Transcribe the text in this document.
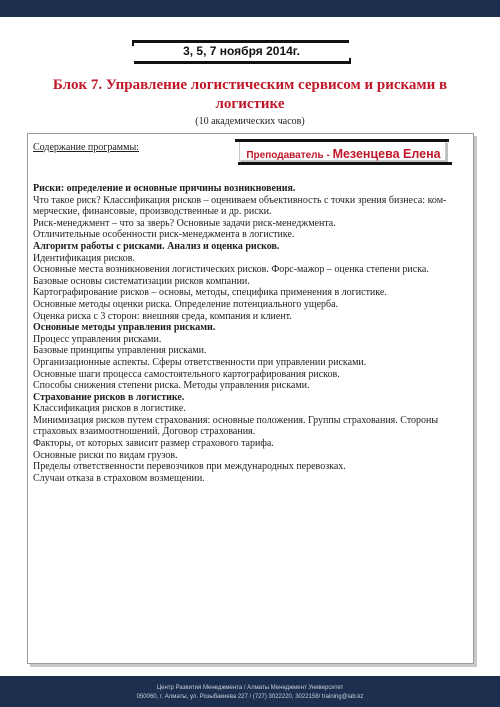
3, 5, 7 ноября 2014г.
Блок 7. Управление логистическим сервисом и рисками в логистике
(10 академических часов)
Содержание программы:
Преподаватель - Мезенцева Елена

Риски: определение и основные причины возникновения.

Что такое риск? Классификация рисков – оцениваем объективность с точки зрения бизнеса: ком-

мерческие, финансовые, производственные и др. риски.

Риск-менеджмент – что за зверь? Основные задачи риск-менеджмента.

Отличительные особенности риск-менеджмента в логистике.

Алгоритм работы с рисками. Анализ и оценка рисков.

Идентификация рисков.

Основные места возникновения логистических рисков. Форс-мажор – оценка степени риска.

Базовые основы систематизации рисков компании.

Картографирование рисков – основы, методы, специфика применения в логистике.

Основные методы оценки риска. Определение потенциального ущерба.

Оценка риска с 3 сторон: внешняя среда, компания и клиент.

Основные методы управления рисками.

Процесс управления рисками.

Базовые принципы управления рисками.

Организационные аспекты. Сферы ответственности при управлении рисками.

Основные шаги процесса самостоятельного картографирования рисков.

Способы снижения степени риска. Методы управления рисками.

Страхование рисков в логистике.

Классификация рисков в логистике.

Минимизация рисков путем страхования: основные положения. Группы страхования. Стороны

страховых взаимоотношений. Договор страхования.

Факторы, от которых зависит размер страхового тарифа.

Основные риски по видам грузов.

Пределы ответственности перевозчиков при международных перевозках.

Случаи отказа в страховом возмещении.

Центр Развития Менеджмента / Алматы Менеджмент Университет
050060, г. Алматы, ул. Розыбакиева 227 / (727) 3022220, 3022158/ training@iab.kz
